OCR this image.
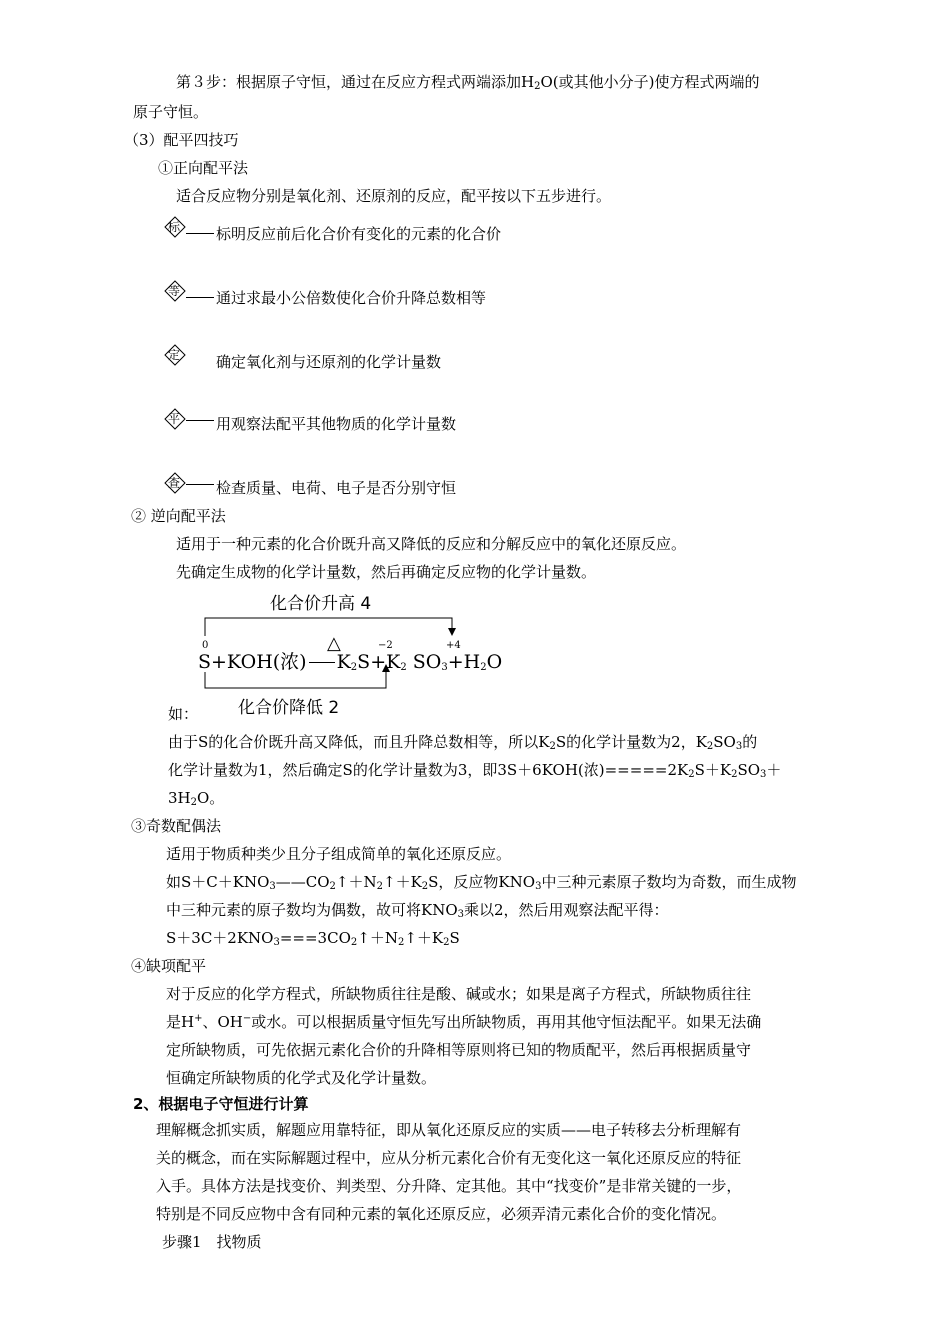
第３步：根据原子守恒，通过在反应方程式两端添加$H_2O$(或其他小分子)使方程式两端的
原子守恒。
（3）配平四技巧
①正向配平法
适合反应物分别是氧化剂、还原剂的反应，配平按以下五步进行。
标 标明反应前后化合价有变化的元素的化合价
等 通过求最小公倍数使化合价升降总数相等
定 确定氧化剂与还原剂的化学计量数
平 用观察法配平其他物质的化学计量数
查 检查质量、电荷、电子是否分别守恒
② 逆向配平法
适用于一种元素的化合价既升高又降低的反应和分解反应中的氧化还原反应。
先确定生成物的化学计量数，然后再确定反应物的化学计量数。
化合价升高 4
0	−2	+4
△
S+KOH(浓) $K_2S+K_2$ $SO_3+H_2O$
化合价降低 2
如：
由于S的化合价既升高又降低，而且升降总数相等，所以$K_2S$的化学计量数为2，$K_2SO_3$的
化学计量数为1，然后确定S的化学计量数为3，即3S＋6KOH(浓)$=====2K_2S+K_2SO_3+$
$3H_2O$。
③奇数配偶法
适用于物质种类少且分子组成简单的氧化还原反应。
如$S+C+KNO_3——CO_2↑+N_2↑+K_2S$，反应物$KNO_3$中三种元素原子数均为奇数，而生成物
中三种元素的原子数均为偶数，故可将$KNO_3$乘以2，然后用观察法配平得：
$S+3C+2KNO_3===3CO_2↑+N_2↑+K_2S$
④缺项配平
对于反应的化学方程式，所缺物质往往是酸、碱或水；如果是离子方程式，所缺物质往往
是H+、OH−或水。可以根据质量守恒先写出所缺物质，再用其他守恒法配平。如果无法确
定所缺物质，可先依据元素化合价的升降相等原则将已知的物质配平，然后再根据质量守
恒确定所缺物质的化学式及化学计量数。
2、根据电子守恒进行计算
理解概念抓实质，解题应用靠特征，即从氧化还原反应的实质——电子转移去分析理解有
关的概念，而在实际解题过程中，应从分析元素化合价有无变化这一氧化还原反应的特征
入手。具体方法是找变价、判类型、分升降、定其他。其中“找变价”是非常关键的一步，
特别是不同反应物中含有同种元素的氧化还原反应，必须弄清元素化合价的变化情况。
步骤1　找物质
